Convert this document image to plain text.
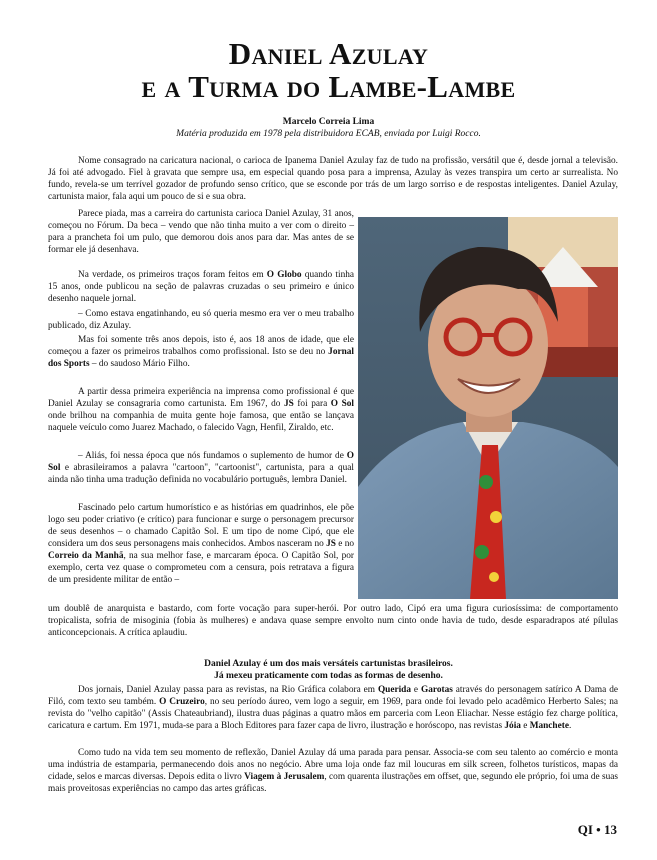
Daniel Azulay
e a Turma do Lambe-Lambe
Marcelo Correia Lima
Matéria produzida em 1978 pela distribuidora ECAB, enviada por Luigi Rocco.
Nome consagrado na caricatura nacional, o carioca de Ipanema Daniel Azulay faz de tudo na profissão, versátil que é, desde jornal a televisão. Já foi até advogado. Fiel à gravata que sempre usa, em especial quando posa para a imprensa, Azulay às vezes transpira um certo ar surrealista. No fundo, revela-se um terrível gozador de profundo senso crítico, que se esconde por trás de um largo sorriso e de respostas inteligentes. Daniel Azulay, cartunista maior, fala aqui um pouco de si e sua obra.
Parece piada, mas a carreira do cartunista carioca Daniel Azulay, 31 anos, começou no Fórum. Da beca – vendo que não tinha muito a ver com o direito – para a prancheta foi um pulo, que demorou dois anos para dar. Mas antes de se formar ele já desenhava.
Na verdade, os primeiros traços foram feitos em O Globo quando tinha 15 anos, onde publicou na seção de palavras cruzadas o seu primeiro e único desenho naquele jornal.
– Como estava engatinhando, eu só queria mesmo era ver o meu trabalho publicado, diz Azulay.
Mas foi somente três anos depois, isto é, aos 18 anos de idade, que ele começou a fazer os primeiros trabalhos como profissional. Isto se deu no Jornal dos Sports – do saudoso Mário Filho.
A partir dessa primeira experiência na imprensa como profissional é que Daniel Azulay se consagraria como cartunista. Em 1967, do JS foi para O Sol onde brilhou na companhia de muita gente hoje famosa, que então se lançava naquele veículo como Juarez Machado, o falecido Vagn, Henfil, Ziraldo, etc.
– Aliás, foi nessa época que nós fundamos o suplemento de humor de O Sol e abrasileiramos a palavra "cartoon", "cartoonist", cartunista, para a qual ainda não tinha uma tradução definida no vocabulário português, lembra Daniel.
Fascinado pelo cartum humorístico e as histórias em quadrinhos, ele põe logo seu poder criativo (e crítico) para funcionar e surge o personagem precursor de seus desenhos – o chamado Capitão Sol. E um tipo de nome Cipó, que ele considera um dos seus personagens mais conhecidos. Ambos nasceram no JS e no Correio da Manhã, na sua melhor fase, e marcaram época. O Capitão Sol, por exemplo, certa vez quase o comprometeu com a censura, pois retratava a figura de um presidente militar de então –
um doublê de anarquista e bastardo, com forte vocação para super-herói. Por outro lado, Cipó era uma figura curiosíssima: de comportamento tropicalista, sofria de misoginia (fobia às mulheres) e andava quase sempre envolto num cinto onde havia de tudo, desde esparadrapos até pílulas anticoncepcionais. A crítica aplaudiu.
Daniel Azulay é um dos mais versáteis cartunistas brasileiros.
Já mexeu praticamente com todas as formas de desenho.
Dos jornais, Daniel Azulay passa para as revistas, na Rio Gráfica colabora em Querida e Garotas através do personagem satírico A Dama de Filó, com texto seu também. O Cruzeiro, no seu período áureo, vem logo a seguir, em 1969, para onde foi levado pelo acadêmico Herberto Sales; na revista do "velho capitão" (Assis Chateaubriand), ilustra duas páginas a quatro mãos em parceria com Leon Eliachar. Nesse estágio fez charge política, caricatura e cartum. Em 1971, muda-se para a Bloch Editores para fazer capa de livro, ilustração e horóscopo, nas revistas Jóia e Manchete.
Como tudo na vida tem seu momento de reflexão, Daniel Azulay dá uma parada para pensar. Associa-se com seu talento ao comércio e monta uma indústria de estamparia, permanecendo dois anos no negócio. Abre uma loja onde faz mil loucuras em silk screen, folhetos turísticos, mapas da cidade, selos e marcas diversas. Depois edita o livro Viagem à Jerusalem, com quarenta ilustrações em offset, que, segundo ele próprio, foi uma de suas mais proveitosas experiências no campo das artes gráficas.
QI • 13
